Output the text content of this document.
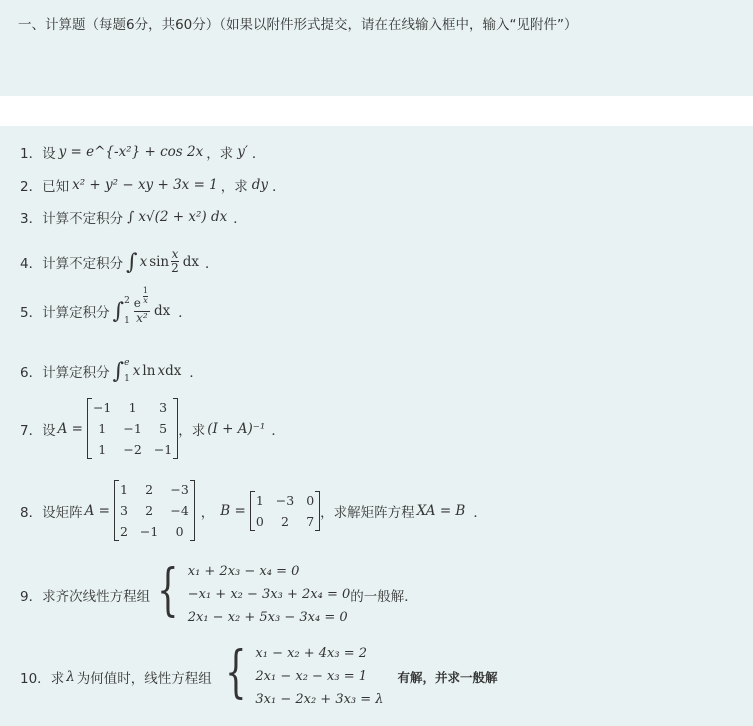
一、计算题（每题6分，共60分）（如果以附件形式提交，请在在线输入框中，输入“见附件”）
1． 设 y = e^{-x²} + cos 2x ，求 y′ ．
2． 已知 x² + y² − xy + 3x = 1 ，求 dy ．
3． 计算不定积分 ∫ x√(2 + x²) dx ．
4． 计算不定积分 ∫ x $\sin \frac{x}{2}$ dx ．
5． 计算定积分 ∫ 2
$1 \frac{e \frac{1}{x}}{\text{x²}}$ dx ．
6． 计算定积分 ∫ e
1 x ln x dx ．
7． 设 A =
−1	1	3
1	−1	5
1	−2 −1
，求 (I + A)⁻¹ ．
8． 设矩阵 A =
1	2	−3
3	2	−4
2 −1	0
， B =
1 −3 0
0	2	7
，求解矩阵方程 XA = B ．
9． 求齐次线性方程组 { x₁ + 2x₃ − x₄ = 0
−x₁ + x₂ − 3x₃ + 2x₄ = 0
2x₁ − x₂ + 5x₃ − 3x₄ = 0
的一般解．
10． 求 λ 为何值时，线性方程组 { x₁ − x₂ + 4x₃ = 2
2x₁ − x₂ − x₃ = 1
3x₁ − 2x₂ + 3x₃ = λ
有解，并求一般解
